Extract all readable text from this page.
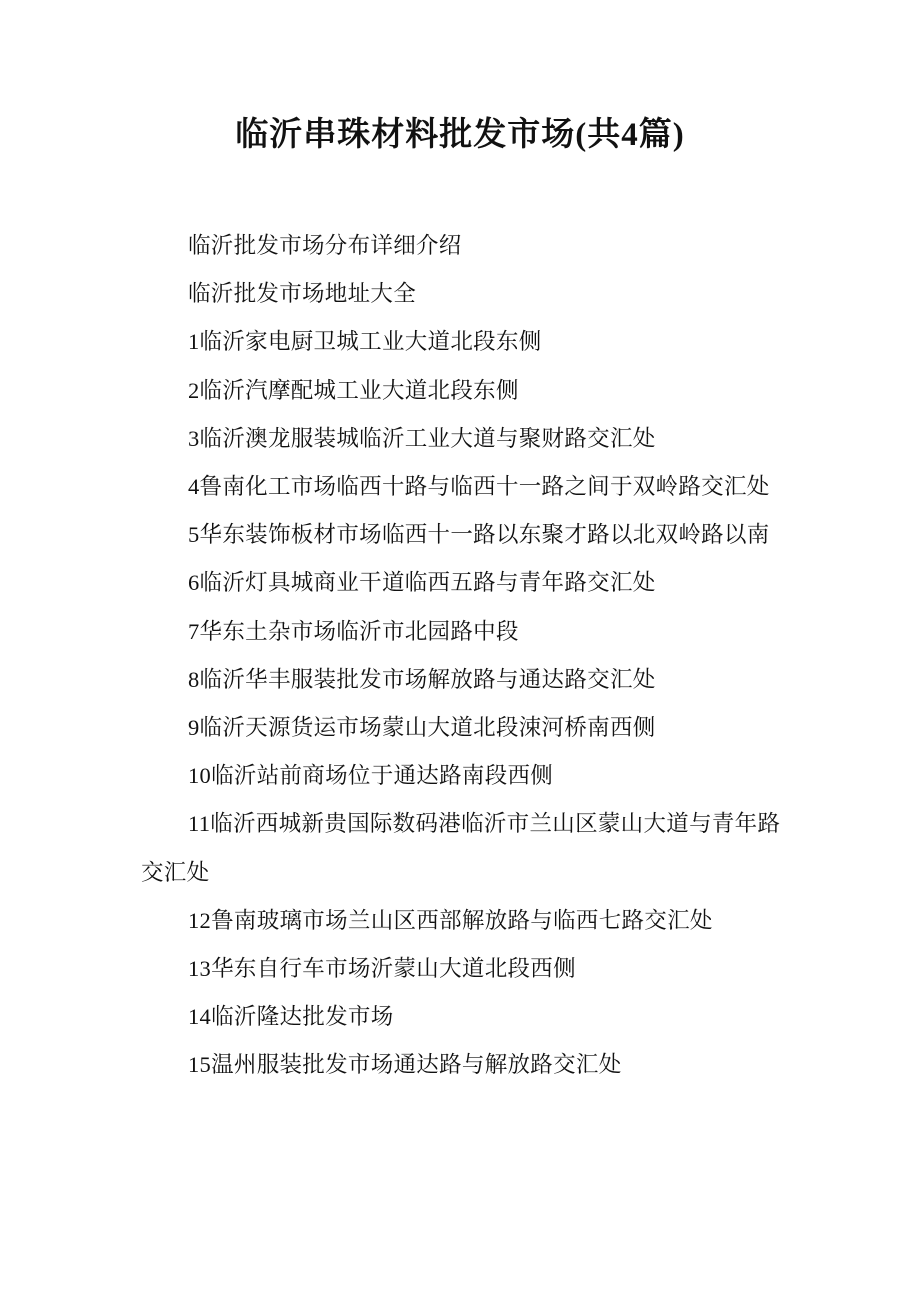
临沂串珠材料批发市场(共4篇)

临沂批发市场分布详细介绍

临沂批发市场地址大全

1临沂家电厨卫城工业大道北段东侧

2临沂汽摩配城工业大道北段东侧

3临沂澳龙服装城临沂工业大道与聚财路交汇处

4鲁南化工市场临西十路与临西十一路之间于双岭路交汇处

5华东装饰板材市场临西十一路以东聚才路以北双岭路以南

6临沂灯具城商业干道临西五路与青年路交汇处

7华东土杂市场临沂市北园路中段

8临沂华丰服装批发市场解放路与通达路交汇处

9临沂天源货运市场蒙山大道北段涑河桥南西侧

10临沂站前商场位于通达路南段西侧

11临沂西城新贵国际数码港临沂市兰山区蒙山大道与青年路交汇处

12鲁南玻璃市场兰山区西部解放路与临西七路交汇处

13华东自行车市场沂蒙山大道北段西侧

14临沂隆达批发市场

15温州服装批发市场通达路与解放路交汇处
